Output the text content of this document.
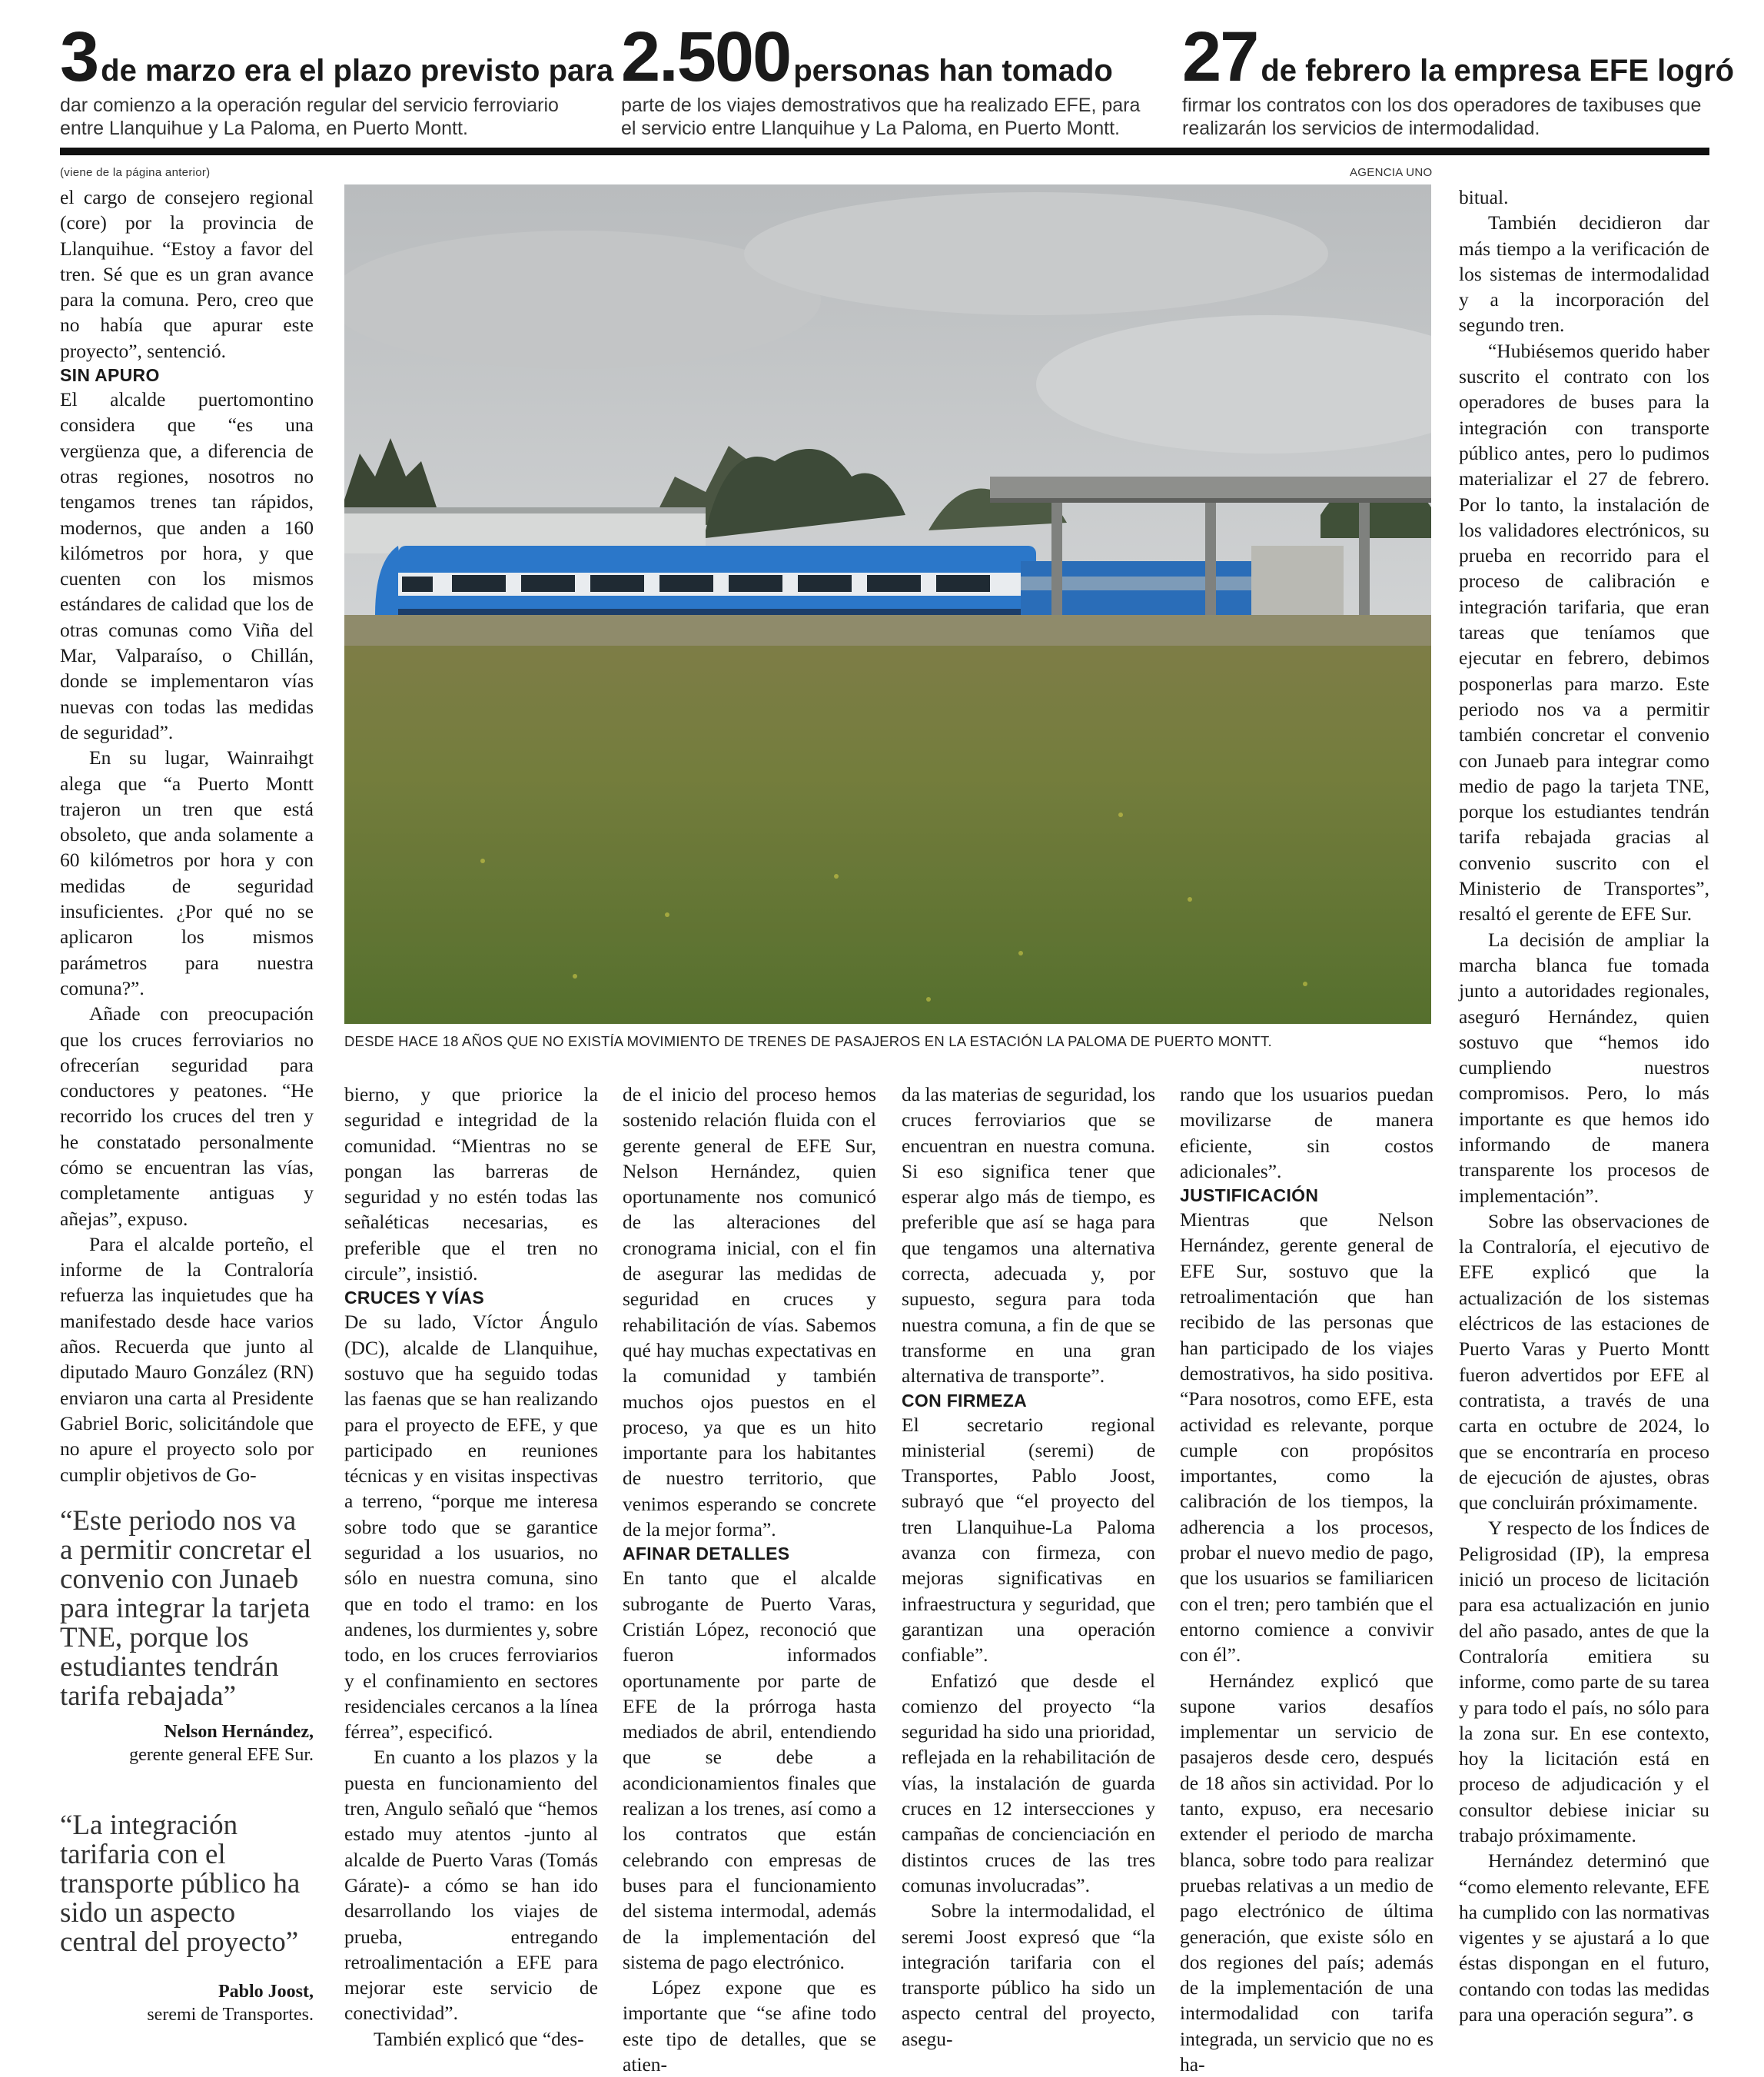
3 de marzo era el plazo previsto para
dar comienzo a la operación regular del servicio ferroviario entre Llanquihue y La Paloma, en Puerto Montt.
2.500 personas han tomado
parte de los viajes demostrativos que ha realizado EFE, para el servicio entre Llanquihue y La Paloma, en Puerto Montt.
27 de febrero la empresa EFE logró
firmar los contratos con los dos operadores de taxibuses que realizarán los servicios de intermodalidad.
(viene de la página anterior)	AGENCIA UNO
DESDE HACE 18 AÑOS QUE NO EXISTÍA MOVIMIENTO DE TRENES DE PASAJEROS EN LA ESTACIÓN LA PALOMA DE PUERTO MONTT.

el cargo de consejero regional (core) por la provincia de Llanquihue. “Estoy a favor del tren. Sé que es un gran avance para la comuna. Pero, creo que no había que apurar este proyecto”, sentenció.

SIN APURO

El alcalde puertomontino considera que “es una vergüenza que, a diferencia de otras regiones, nosotros no tengamos trenes tan rápidos, modernos, que anden a 160 kilómetros por hora, y que cuenten con los mismos estándares de calidad que los de otras comunas como Viña del Mar, Valparaíso, o Chillán, donde se implementaron vías nuevas con todas las medidas de seguridad”.

En su lugar, Wainraihgt alega que “a Puerto Montt trajeron un tren que está obsoleto, que anda solamente a 60 kilómetros por hora y con medidas de seguridad insuficientes. ¿Por qué no se aplicaron los mismos parámetros para nuestra comuna?”.

Añade con preocupación que los cruces ferroviarios no ofrecerían seguridad para conductores y peatones. “He recorrido los cruces del tren y he constatado personalmente cómo se encuentran las vías, completamente antiguas y añejas”, expuso.

Para el alcalde porteño, el informe de la Contraloría refuerza las inquietudes que ha manifestado desde hace varios años. Recuerda que junto al diputado Mauro González (RN) enviaron una carta al Presidente Gabriel Boric, solicitándole que no apure el proyecto solo por cumplir objetivos de Go-

“Este periodo nos va a permitir concretar el convenio con Junaeb para integrar la tarjeta TNE, porque los estudiantes tendrán tarifa rebajada”
Nelson Hernández,
gerente general EFE Sur.
“La integración tarifaria con el transporte público ha sido un aspecto central del proyecto”
Pablo Joost,
seremi de Transportes.

bierno, y que priorice la seguridad e integridad de la comunidad. “Mientras no se pongan las barreras de seguridad y no estén todas las señaléticas necesarias, es preferible que el tren no circule”, insistió.

CRUCES Y VÍAS

De su lado, Víctor Ángulo (DC), alcalde de Llanquihue, sostuvo que ha seguido todas las faenas que se han realizando para el proyecto de EFE, y que participado en reuniones técnicas y en visitas inspectivas a terreno, “porque me interesa sobre todo que se garantice seguridad a los usuarios, no sólo en nuestra comuna, sino que en todo el tramo: en los andenes, los durmientes y, sobre todo, en los cruces ferroviarios y el confinamiento en sectores residenciales cercanos a la línea férrea”, especificó.

En cuanto a los plazos y la puesta en funcionamiento del tren, Angulo señaló que “hemos estado muy atentos -junto al alcalde de Puerto Varas (Tomás Gárate)- a cómo se han ido desarrollando los viajes de prueba, entregando retroalimentación a EFE para mejorar este servicio de conectividad”.

También explicó que “des-

de el inicio del proceso hemos sostenido relación fluida con el gerente general de EFE Sur, Nelson Hernández, quien oportunamente nos comunicó de las alteraciones del cronograma inicial, con el fin de asegurar las medidas de seguridad en cruces y rehabilitación de vías. Sabemos qué hay muchas expectativas en la comunidad y también muchos ojos puestos en el proceso, ya que es un hito importante para los habitantes de nuestro territorio, que venimos esperando se concrete de la mejor forma”.

AFINAR DETALLES

En tanto que el alcalde subrogante de Puerto Varas, Cristián López, reconoció que fueron informados oportunamente por parte de EFE de la prórroga hasta mediados de abril, entendiendo que se debe a acondicionamientos finales que realizan a los trenes, así como a los contratos que están celebrando con empresas de buses para el funcionamiento del sistema intermodal, además de la implementación del sistema de pago electrónico.

López expone que es importante que “se afine todo este tipo de detalles, que se atien-

da las materias de seguridad, los cruces ferroviarios que se encuentran en nuestra comuna. Si eso significa tener que esperar algo más de tiempo, es preferible que así se haga para que tengamos una alternativa correcta, adecuada y, por supuesto, segura para toda nuestra comuna, a fin de que se transforme en una gran alternativa de transporte”.

CON FIRMEZA

El secretario regional ministerial (seremi) de Transportes, Pablo Joost, subrayó que “el proyecto del tren Llanquihue-La Paloma avanza con firmeza, con mejoras significativas en infraestructura y seguridad, que garantizan una operación confiable”.

Enfatizó que desde el comienzo del proyecto “la seguridad ha sido una prioridad, reflejada en la rehabilitación de vías, la instalación de guarda cruces en 12 intersecciones y campañas de concienciación en distintos cruces de las tres comunas involucradas”.

Sobre la intermodalidad, el seremi Joost expresó que “la integración tarifaria con el transporte público ha sido un aspecto central del proyecto, asegu-

rando que los usuarios puedan movilizarse de manera eficiente, sin costos adicionales”.

JUSTIFICACIÓN

Mientras que Nelson Hernández, gerente general de EFE Sur, sostuvo que la retroalimentación que han recibido de las personas que han participado de los viajes demostrativos, ha sido positiva. “Para nosotros, como EFE, esta actividad es relevante, porque cumple con propósitos importantes, como la calibración de los tiempos, la adherencia a los procesos, probar el nuevo medio de pago, que los usuarios se familiaricen con el tren; pero también que el entorno comience a convivir con él”.

Hernández explicó que supone varios desafíos implementar un servicio de pasajeros desde cero, después de 18 años sin actividad. Por lo tanto, expuso, era necesario extender el periodo de marcha blanca, sobre todo para realizar pruebas relativas a un medio de pago electrónico de última generación, que existe sólo en dos regiones del país; además de la implementación de una intermodalidad con tarifa integrada, un servicio que no es ha-

bitual.

También decidieron dar más tiempo a la verificación de los sistemas de intermodalidad y a la incorporación del segundo tren.

“Hubiésemos querido haber suscrito el contrato con los operadores de buses para la integración con transporte público antes, pero lo pudimos materializar el 27 de febrero. Por lo tanto, la instalación de los validadores electrónicos, su prueba en recorrido para el proceso de calibración e integración tarifaria, que eran tareas que teníamos que ejecutar en febrero, debimos posponerlas para marzo. Este periodo nos va a permitir también concretar el convenio con Junaeb para integrar como medio de pago la tarjeta TNE, porque los estudiantes tendrán tarifa rebajada gracias al convenio suscrito con el Ministerio de Transportes”, resaltó el gerente de EFE Sur.

La decisión de ampliar la marcha blanca fue tomada junto a autoridades regionales, aseguró Hernández, quien sostuvo que “hemos ido cumpliendo nuestros compromisos. Pero, lo más importante es que hemos ido informando de manera transparente los procesos de implementación”.

Sobre las observaciones de la Contraloría, el ejecutivo de EFE explicó que la actualización de los sistemas eléctricos de las estaciones de Puerto Varas y Puerto Montt fueron advertidos por EFE al contratista, a través de una carta en octubre de 2024, lo que se encontraría en proceso de ejecución de ajustes, obras que concluirán próximamente.

Y respecto de los Índices de Peligrosidad (IP), la empresa inició un proceso de licitación para esa actualización en junio del año pasado, antes de que la Contraloría emitiera su informe, como parte de su tarea y para todo el país, no sólo para la zona sur. En ese contexto, hoy la licitación está en proceso de adjudicación y el consultor debiese iniciar su trabajo próximamente.

Hernández determinó que “como elemento relevante, EFE ha cumplido con las normativas vigentes y se ajustará a lo que éstas dispongan en el futuro, contando con todas las medidas para una operación segura”. ɞ
